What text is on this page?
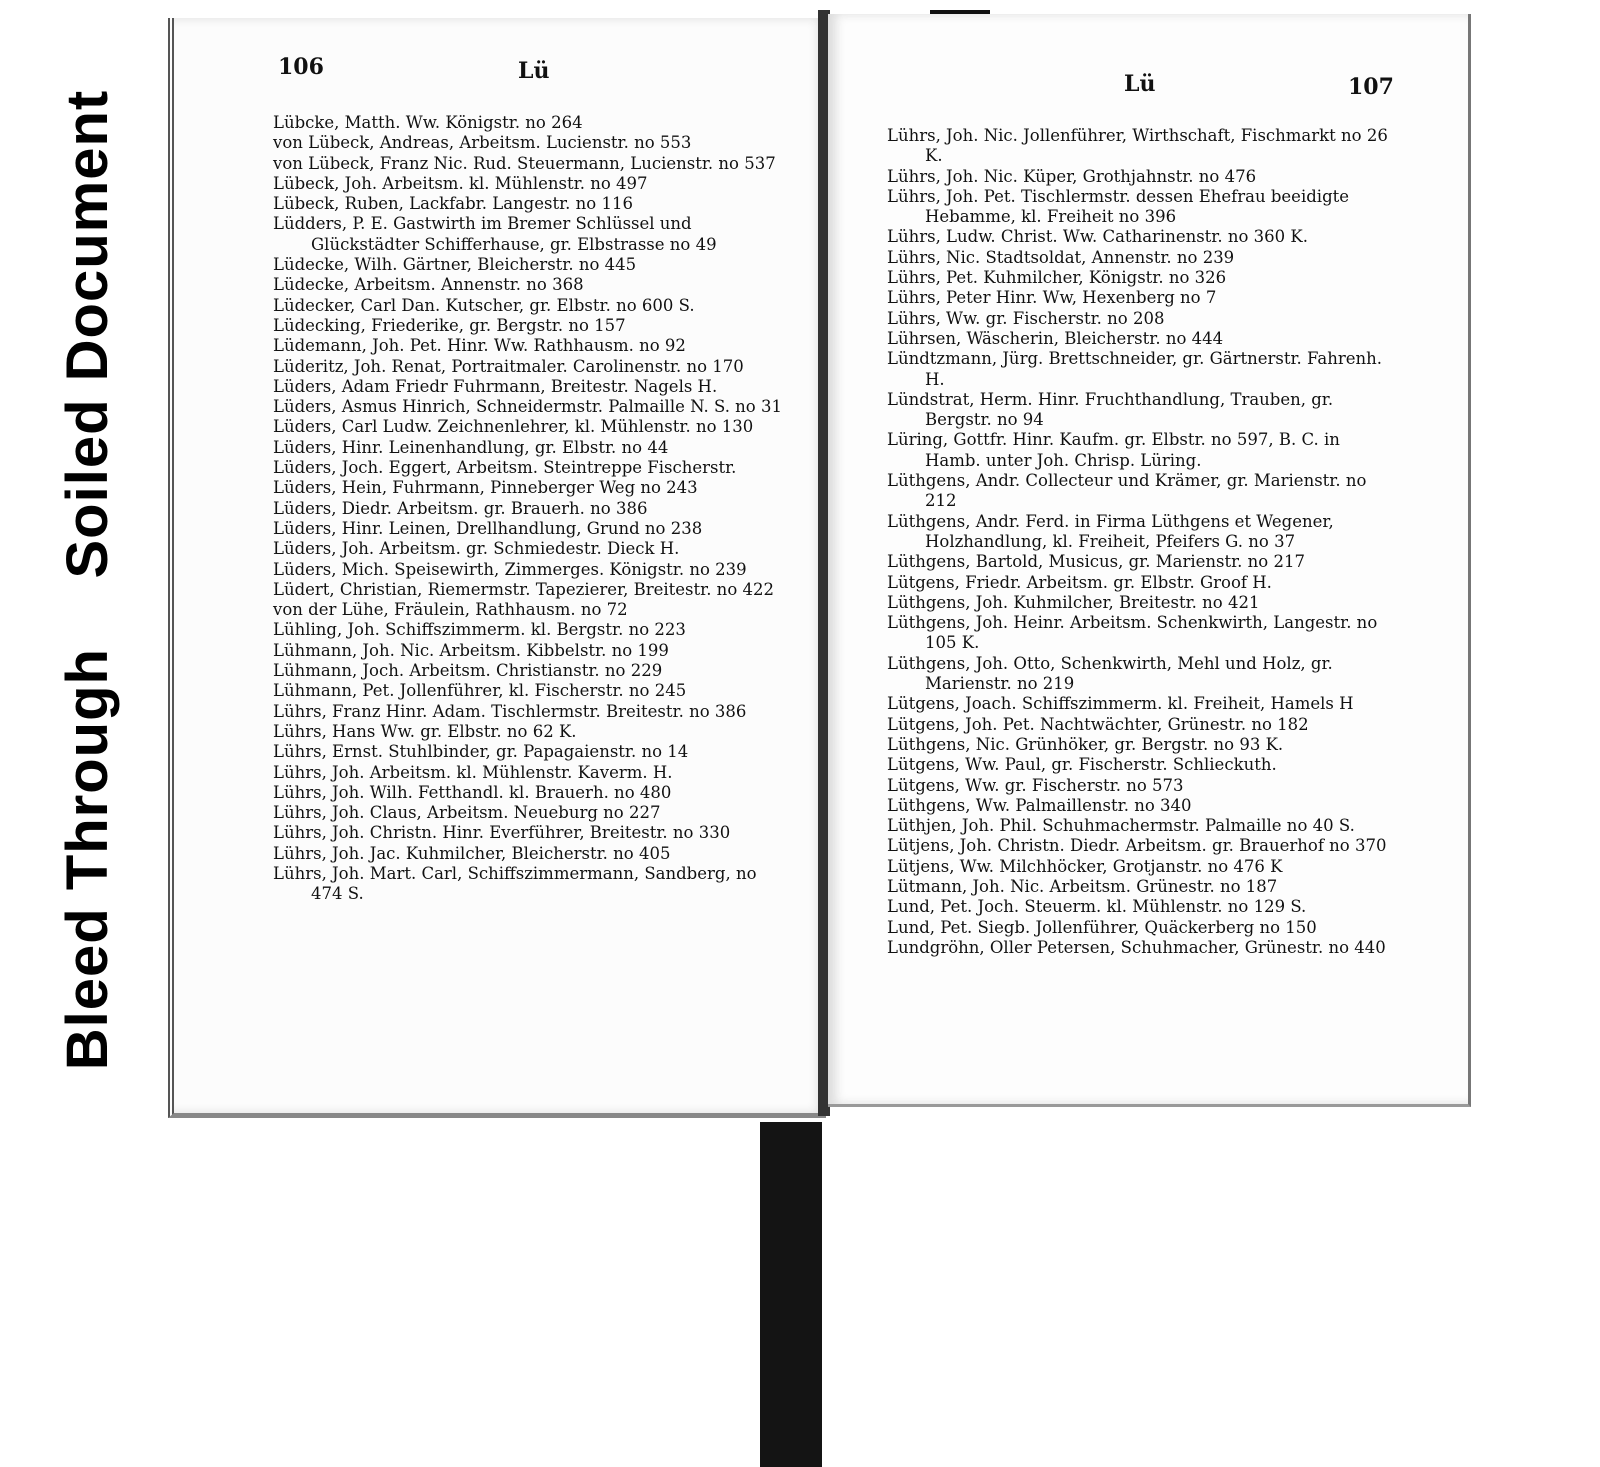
Bleed Through
Soiled Document
106	Lü
Lübcke, Matth. Ww. Königstr. no 264
von Lübeck, Andreas, Arbeitsm. Lucienstr. no 553
von Lübeck, Franz Nic. Rud. Steuermann, Lucienstr. no 537
Lübeck, Joh. Arbeitsm. kl. Mühlenstr. no 497
Lübeck, Ruben, Lackfabr. Langestr. no 116
Lüdders, P. E. Gastwirth im Bremer Schlüssel und Glückstädter Schifferhause, gr. Elbstrasse no 49
Lüdecke, Wilh. Gärtner, Bleicherstr. no 445
Lüdecke, Arbeitsm. Annenstr. no 368
Lüdecker, Carl Dan. Kutscher, gr. Elbstr. no 600 S.
Lüdecking, Friederike, gr. Bergstr. no 157
Lüdemann, Joh. Pet. Hinr. Ww. Rathhausm. no 92
Lüderitz, Joh. Renat, Portraitmaler. Carolinenstr. no 170
Lüders, Adam Friedr Fuhrmann, Breitestr. Nagels H.
Lüders, Asmus Hinrich, Schneidermstr. Palmaille N. S. no 31
Lüders, Carl Ludw. Zeichnenlehrer, kl. Mühlenstr. no 130
Lüders, Hinr. Leinenhandlung, gr. Elbstr. no 44
Lüders, Joch. Eggert, Arbeitsm. Steintreppe Fischerstr.
Lüders, Hein, Fuhrmann, Pinneberger Weg no 243
Lüders, Diedr. Arbeitsm. gr. Brauerh. no 386
Lüders, Hinr. Leinen, Drellhandlung, Grund no 238
Lüders, Joh. Arbeitsm. gr. Schmiedestr. Dieck H.
Lüders, Mich. Speisewirth, Zimmerges. Königstr. no 239
Lüdert, Christian, Riemermstr. Tapezierer, Breitestr. no 422
von der Lühe, Fräulein, Rathhausm. no 72
Lühling, Joh. Schiffszimmerm. kl. Bergstr. no 223
Lühmann, Joh. Nic. Arbeitsm. Kibbelstr. no 199
Lühmann, Joch. Arbeitsm. Christianstr. no 229
Lühmann, Pet. Jollenführer, kl. Fischerstr. no 245
Lührs, Franz Hinr. Adam. Tischlermstr. Breitestr. no 386
Lührs, Hans Ww. gr. Elbstr. no 62 K.
Lührs, Ernst. Stuhlbinder, gr. Papagaienstr. no 14
Lührs, Joh. Arbeitsm. kl. Mühlenstr. Kaverm. H.
Lührs, Joh. Wilh. Fetthandl. kl. Brauerh. no 480
Lührs, Joh. Claus, Arbeitsm. Neueburg no 227
Lührs, Joh. Christn. Hinr. Everführer, Breitestr. no 330
Lührs, Joh. Jac. Kuhmilcher, Bleicherstr. no 405
Lührs, Joh. Mart. Carl, Schiffszimmermann, Sandberg, no 474 S.
Lü	107
Lührs, Joh. Nic. Jollenführer, Wirthschaft, Fischmarkt no 26 K.
Lührs, Joh. Nic. Küper, Grothjahnstr. no 476
Lührs, Joh. Pet. Tischlermstr. dessen Ehefrau beeidigte Hebamme, kl. Freiheit no 396
Lührs, Ludw. Christ. Ww. Catharinenstr. no 360 K.
Lührs, Nic. Stadtsoldat, Annenstr. no 239
Lührs, Pet. Kuhmilcher, Königstr. no 326
Lührs, Peter Hinr. Ww, Hexenberg no 7
Lührs, Ww. gr. Fischerstr. no 208
Lührsen, Wäscherin, Bleicherstr. no 444
Lündtzmann, Jürg. Brettschneider, gr. Gärtnerstr. Fahrenh. H.
Lündstrat, Herm. Hinr. Fruchthandlung, Trauben, gr. Bergstr. no 94
Lüring, Gottfr. Hinr. Kaufm. gr. Elbstr. no 597, B. C. in Hamb. unter Joh. Chrisp. Lüring.
Lüthgens, Andr. Collecteur und Krämer, gr. Marienstr. no 212
Lüthgens, Andr. Ferd. in Firma Lüthgens et Wegener, Holzhandlung, kl. Freiheit, Pfeifers G. no 37
Lüthgens, Bartold, Musicus, gr. Marienstr. no 217
Lütgens, Friedr. Arbeitsm. gr. Elbstr. Groof H.
Lüthgens, Joh. Kuhmilcher, Breitestr. no 421
Lüthgens, Joh. Heinr. Arbeitsm. Schenkwirth, Langestr. no 105 K.
Lüthgens, Joh. Otto, Schenkwirth, Mehl und Holz, gr. Marienstr. no 219
Lütgens, Joach. Schiffszimmerm. kl. Freiheit, Hamels H
Lütgens, Joh. Pet. Nachtwächter, Grünestr. no 182
Lüthgens, Nic. Grünhöker, gr. Bergstr. no 93 K.
Lütgens, Ww. Paul, gr. Fischerstr. Schlieckuth.
Lütgens, Ww. gr. Fischerstr. no 573
Lüthgens, Ww. Palmaillenstr. no 340
Lüthjen, Joh. Phil. Schuhmachermstr. Palmaille no 40 S.
Lütjens, Joh. Christn. Diedr. Arbeitsm. gr. Brauerhof no 370
Lütjens, Ww. Milchhöcker, Grotjanstr. no 476 K
Lütmann, Joh. Nic. Arbeitsm. Grünestr. no 187
Lund, Pet. Joch. Steuerm. kl. Mühlenstr. no 129 S.
Lund, Pet. Siegb. Jollenführer, Quäckerberg no 150
Lundgröhn, Oller Petersen, Schuhmacher, Grünestr. no 440
